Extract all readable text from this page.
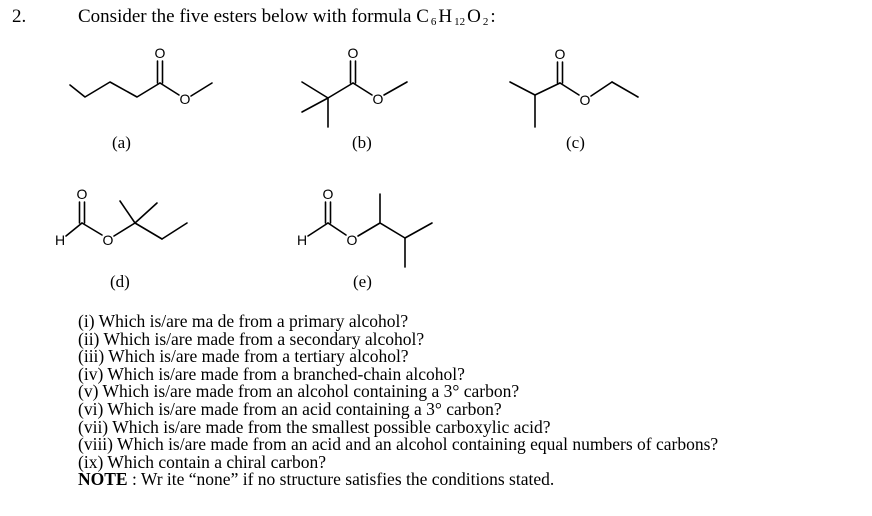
2.	Consider the five esters below with formula C $_6$ H $_{12}$ O $_2$ :
O
O
O
O
O
O
O
O
H
O
O
H
(a)	(b)	(c)
(d)	(e)
(i) Which is/are ma de from a primary alcohol?
(ii) Which is/are made from a secondary alcohol?
(iii) Which is/are made from a tertiary alcohol?
(iv) Which is/are made from a branched-chain alcohol?
(v) Which is/are made from an alcohol containing a 3° carbon?
(vi) Which is/are made from an acid containing a 3° carbon?
(vii) Which is/are made from the smallest possible carboxylic acid?
(viii) Which is/are made from an acid and an alcohol containing equal numbers of carbons?
(ix) Which contain a chiral carbon?
NOTE : Wr ite “none” if no structure satisfies the conditions stated.
